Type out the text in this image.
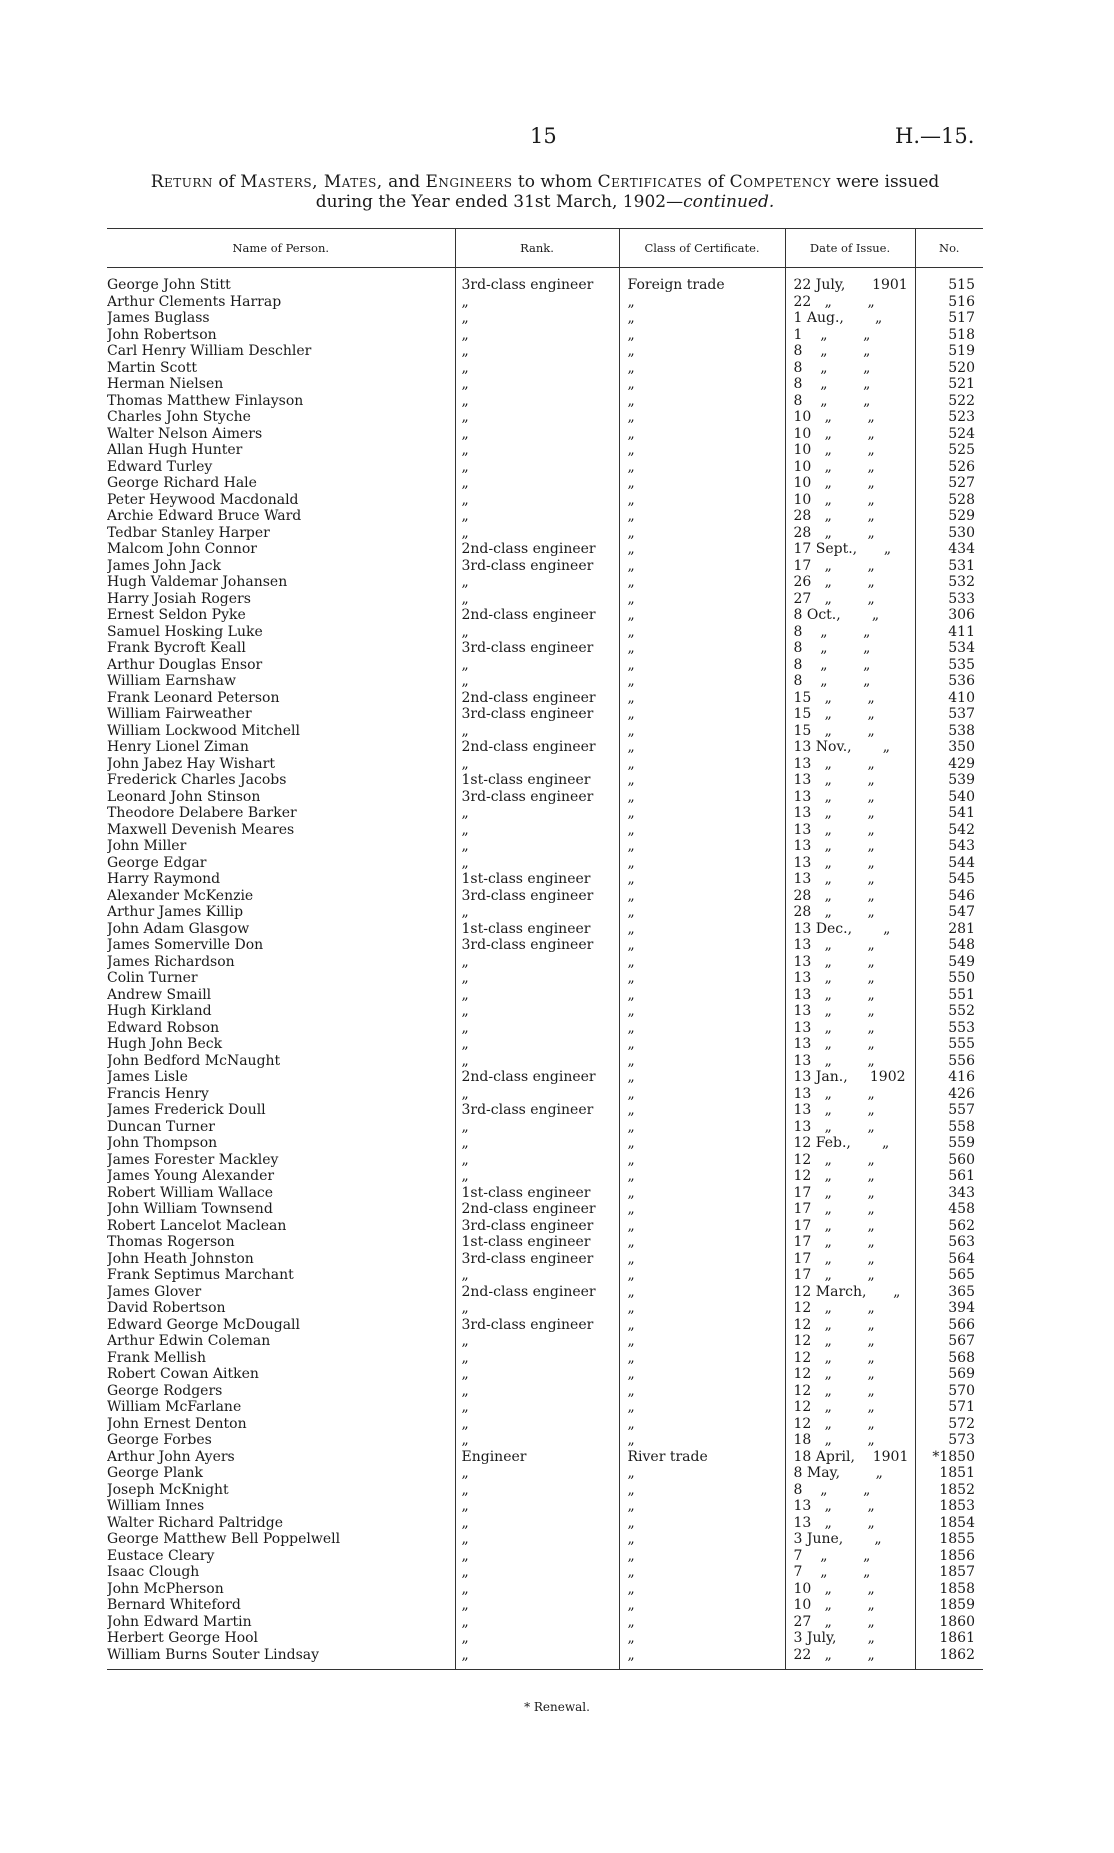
15	H.—15.
Return of Masters, Mates, and Engineers to whom Certificates of Competency were issued
during the Year ended 31st March, 1902—continued.
Name of Person.	Rank.	Class of Certificate.	Date of Issue.	No.

George John Stitt	3rd-class engineer	Foreign trade	22 July,      1901	515
Arthur Clements Harrap	„	„	22   „        „	516
James Buglass	„	„	1 Aug.,       „	517
John Robertson	„	„	1    „        „	518
Carl Henry William Deschler	„	„	8    „        „	519
Martin Scott	„	„	8    „        „	520
Herman Nielsen	„	„	8    „        „	521
Thomas Matthew Finlayson	„	„	8    „        „	522
Charles John Styche	„	„	10   „        „	523
Walter Nelson Aimers	„	„	10   „        „	524
Allan Hugh Hunter	„	„	10   „        „	525
Edward Turley	„	„	10   „        „	526
George Richard Hale	„	„	10   „        „	527
Peter Heywood Macdonald	„	„	10   „        „	528
Archie Edward Bruce Ward	„	„	28   „        „	529
Tedbar Stanley Harper	„	„	28   „        „	530
Malcom John Connor	2nd-class engineer	„	17 Sept.,      „	434
James John Jack	3rd-class engineer	„	17   „        „	531
Hugh Valdemar Johansen	„	„	26   „        „	532
Harry Josiah Rogers	„	„	27   „        „	533
Ernest Seldon Pyke	2nd-class engineer	„	8 Oct.,       „	306
Samuel Hosking Luke	„	„	8    „        „	411
Frank Bycroft Keall	3rd-class engineer	„	8    „        „	534
Arthur Douglas Ensor	„	„	8    „        „	535
William Earnshaw	„	„	8    „        „	536
Frank Leonard Peterson	2nd-class engineer	„	15   „        „	410
William Fairweather	3rd-class engineer	„	15   „        „	537
William Lockwood Mitchell	„	„	15   „        „	538
Henry Lionel Ziman	2nd-class engineer	„	13 Nov.,       „	350
John Jabez Hay Wishart	„	„	13   „        „	429
Frederick Charles Jacobs	1st-class engineer	„	13   „        „	539
Leonard John Stinson	3rd-class engineer	„	13   „        „	540
Theodore Delabere Barker	„	„	13   „        „	541
Maxwell Devenish Meares	„	„	13   „        „	542
John Miller	„	„	13   „        „	543
George Edgar	„	„	13   „        „	544
Harry Raymond	1st-class engineer	„	13   „        „	545
Alexander McKenzie	3rd-class engineer	„	28   „        „	546
Arthur James Killip	„	„	28   „        „	547
John Adam Glasgow	1st-class engineer	„	13 Dec.,       „	281
James Somerville Don	3rd-class engineer	„	13   „        „	548
James Richardson	„	„	13   „        „	549
Colin Turner	„	„	13   „        „	550
Andrew Smaill	„	„	13   „        „	551
Hugh Kirkland	„	„	13   „        „	552
Edward Robson	„	„	13   „        „	553
Hugh John Beck	„	„	13   „        „	555
John Bedford McNaught	„	„	13   „        „	556
James Lisle	2nd-class engineer	„	13 Jan.,     1902	416
Francis Henry	„	„	13   „        „	426
James Frederick Doull	3rd-class engineer	„	13   „        „	557
Duncan Turner	„	„	13   „        „	558
John Thompson	„	„	12 Feb.,       „	559
James Forester Mackley	„	„	12   „        „	560
James Young Alexander	„	„	12   „        „	561
Robert William Wallace	1st-class engineer	„	17   „        „	343
John William Townsend	2nd-class engineer	„	17   „        „	458
Robert Lancelot Maclean	3rd-class engineer	„	17   „        „	562
Thomas Rogerson	1st-class engineer	„	17   „        „	563
John Heath Johnston	3rd-class engineer	„	17   „        „	564
Frank Septimus Marchant	„	„	17   „        „	565
James Glover	2nd-class engineer	„	12 March,      „	365
David Robertson	„	„	12   „        „	394
Edward George McDougall	3rd-class engineer	„	12   „        „	566
Arthur Edwin Coleman	„	„	12   „        „	567
Frank Mellish	„	„	12   „        „	568
Robert Cowan Aitken	„	„	12   „        „	569
George Rodgers	„	„	12   „        „	570
William McFarlane	„	„	12   „        „	571
John Ernest Denton	„	„	12   „        „	572
George Forbes	„	„	18   „        „	573
Arthur John Ayers	Engineer	River trade	18 April,    1901	*1850
George Plank	„	„	8 May,        „	1851
Joseph McKnight	„	„	8    „        „	1852
William Innes	„	„	13   „        „	1853
Walter Richard Paltridge	„	„	13   „        „	1854
George Matthew Bell Poppelwell	„	„	3 June,       „	1855
Eustace Cleary	„	„	7    „        „	1856
Isaac Clough	„	„	7    „        „	1857
John McPherson	„	„	10   „        „	1858
Bernard Whiteford	„	„	10   „        „	1859
John Edward Martin	„	„	27   „        „	1860
Herbert George Hool	„	„	3 July,       „	1861
William Burns Souter Lindsay	„	„	22   „        „	1862
* Renewal.
